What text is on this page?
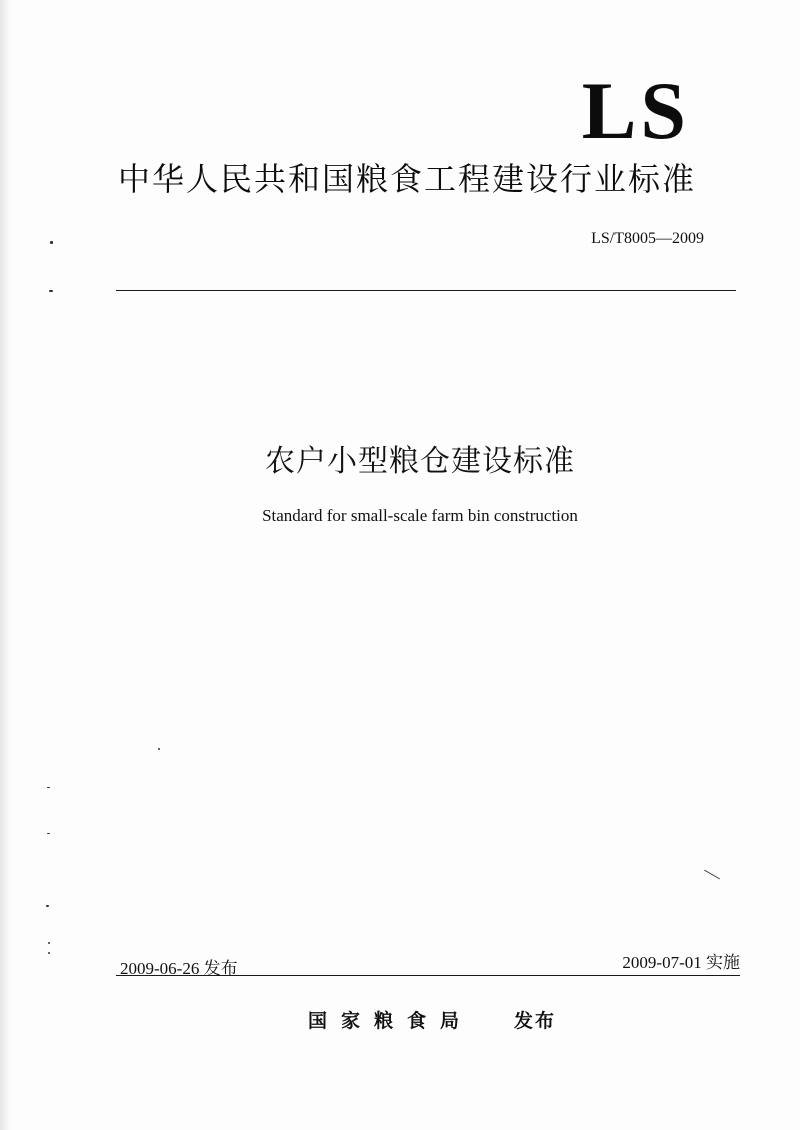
LS
中华人民共和国粮食工程建设行业标准
LS/T8005—2009
农户小型粮仓建设标准
Standard for small-scale farm bin construction
2009-06-26 发布	2009-07-01 实施
国家粮食局 发布
